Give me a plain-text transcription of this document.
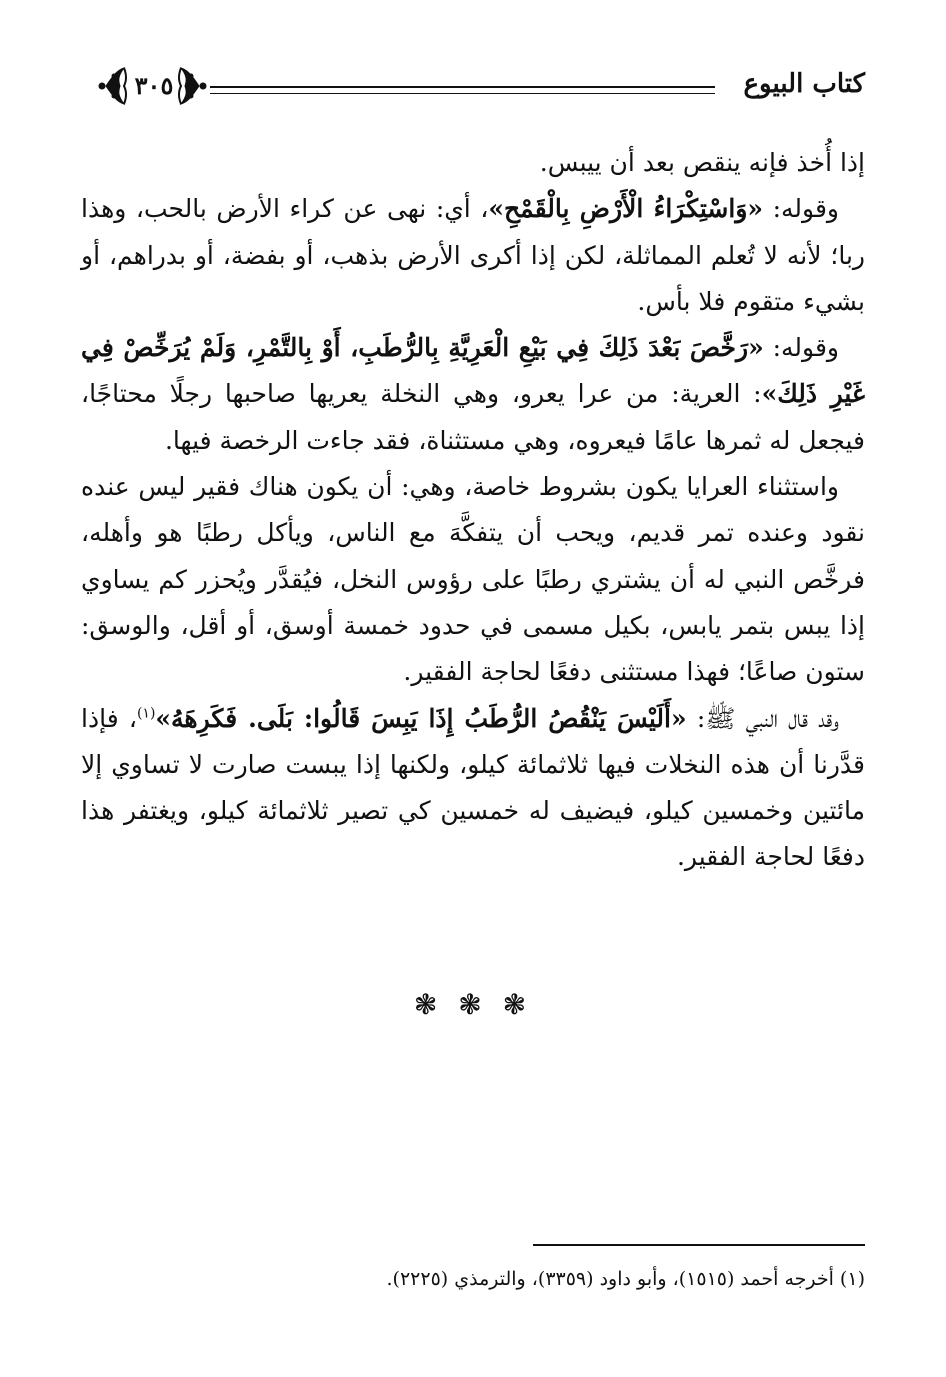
كتاب البيوع
٣٠٥

إذا أُخذ فإنه ينقص بعد أن ييبس.

وقوله: «وَاسْتِكْرَاءُ الْأَرْضِ بِالْقَمْحِ»، أي: نهى عن كراء الأرض بالحب، وهذا ربا؛ لأنه لا تُعلم المماثلة، لكن إذا أكرى الأرض بذهب، أو بفضة، أو بدراهم، أو بشيء متقوم فلا بأس.

وقوله: «رَخَّصَ بَعْدَ ذَلِكَ فِي بَيْعِ الْعَرِيَّةِ بِالرُّطَبِ، أَوْ بِالتَّمْرِ، وَلَمْ يُرَخِّصْ فِي غَيْرِ ذَلِكَ»: العرية: من عرا يعرو، وهي النخلة يعريها صاحبها رجلًا محتاجًا، فيجعل له ثمرها عامًا فيعروه، وهي مستثناة، فقد جاءت الرخصة فيها.

واستثناء العرايا يكون بشروط خاصة، وهي: أن يكون هناك فقير ليس عنده نقود وعنده تمر قديم، ويحب أن يتفكَّهَ مع الناس، ويأكل رطبًا هو وأهله، فرخَّص النبي له أن يشتري رطبًا على رؤوس النخل، فيُقدَّر ويُحزر كم يساوي إذا يبس بتمر يابس، بكيل مسمى في حدود خمسة أوسق، أو أقل، والوسق: ستون صاعًا؛ فهذا مستثنى دفعًا لحاجة الفقير.

وقد قال النبي ﷺ: «أَلَيْسَ يَنْقُصُ الرُّطَبُ إِذَا يَبِسَ قَالُوا: بَلَى. فَكَرِهَهُ»$^{(١)}$، فإذا قدَّرنا أن هذه النخلات فيها ثلاثمائة كيلو، ولكنها إذا يبست صارت لا تساوي إلا مائتين وخمسين كيلو، فيضيف له خمسين كي تصير ثلاثمائة كيلو، ويغتفر هذا دفعًا لحاجة الفقير.

❃ ❃ ❃
(١) أخرجه أحمد (١٥١٥)، وأبو داود (٣٣٥٩)، والترمذي (٢٢٢٥).
